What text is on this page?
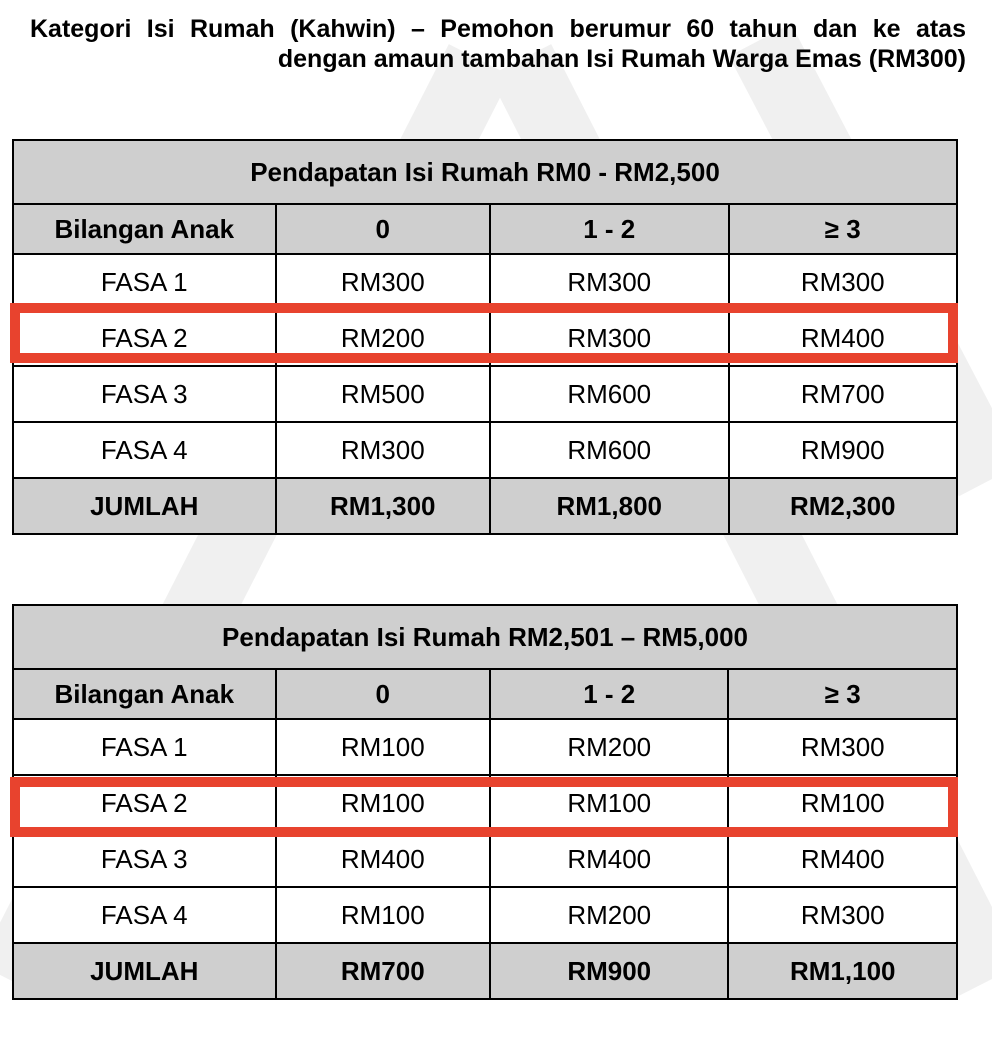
Kategori Isi Rumah (Kahwin) – Pemohon berumur 60 tahun dan ke atas dengan amaun tambahan Isi Rumah Warga Emas (RM300)
Pendapatan Isi Rumah RM0 - RM2,500			
Bilangan Anak	0	1 - 2	≥ 3
FASA 1	RM300	RM300	RM300
FASA 2	RM200	RM300	RM400
FASA 3	RM500	RM600	RM700
FASA 4	RM300	RM600	RM900
JUMLAH	RM1,300	RM1,800	RM2,300
Pendapatan Isi Rumah RM2,501 – RM5,000			
Bilangan Anak	0	1 - 2	≥ 3
FASA 1	RM100	RM200	RM300
FASA 2	RM100	RM100	RM100
FASA 3	RM400	RM400	RM400
FASA 4	RM100	RM200	RM300
JUMLAH	RM700	RM900	RM1,100
